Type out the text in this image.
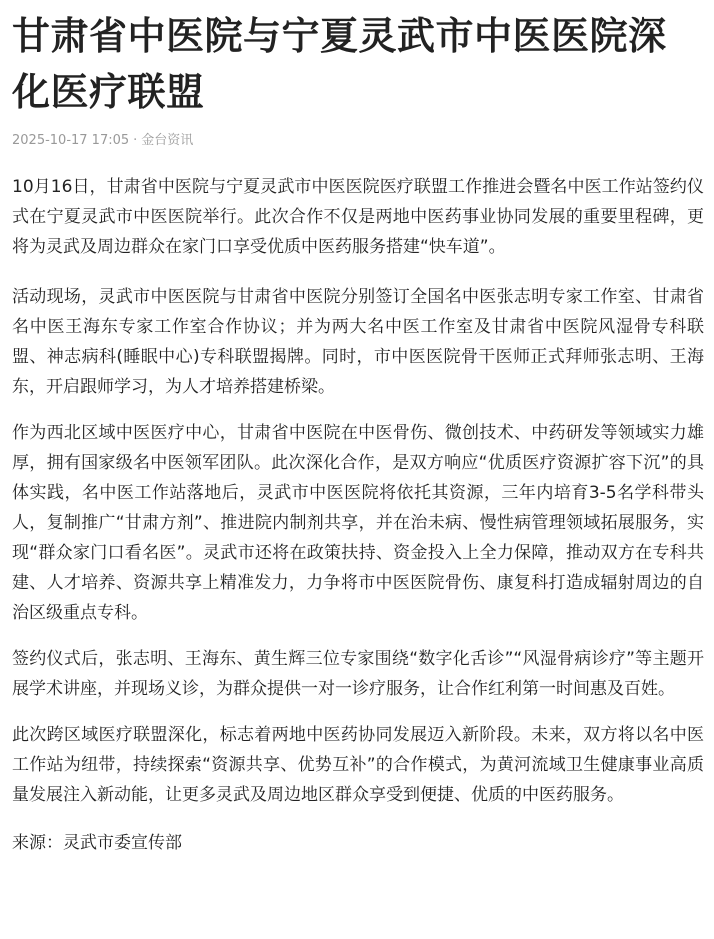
甘肃省中医院与宁夏灵武市中医医院深化医疗联盟
2025-10-17 17:05 · 金台资讯

10月16日，甘肃省中医院与宁夏灵武市中医医院医疗联盟工作推进会暨名中医工作站签约仪式在宁夏灵武市中医医院举行。此次合作不仅是两地中医药事业协同发展的重要里程碑，更将为灵武及周边群众在家门口享受优质中医药服务搭建“快车道”。

活动现场，灵武市中医医院与甘肃省中医院分别签订全国名中医张志明专家工作室、甘肃省名中医王海东专家工作室合作协议；并为两大名中医工作室及甘肃省中医院风湿骨专科联盟、神志病科(睡眠中心)专科联盟揭牌。同时，市中医医院骨干医师正式拜师张志明、王海东，开启跟师学习，为人才培养搭建桥梁。

作为西北区域中医医疗中心，甘肃省中医院在中医骨伤、微创技术、中药研发等领域实力雄厚，拥有国家级名中医领军团队。此次深化合作，是双方响应“优质医疗资源扩容下沉”的具体实践，名中医工作站落地后，灵武市中医医院将依托其资源，三年内培育3-5名学科带头人，复制推广“甘肃方剂”、推进院内制剂共享，并在治未病、慢性病管理领域拓展服务，实现“群众家门口看名医”。灵武市还将在政策扶持、资金投入上全力保障，推动双方在专科共建、人才培养、资源共享上精准发力，力争将市中医医院骨伤、康复科打造成辐射周边的自治区级重点专科。

签约仪式后，张志明、王海东、黄生辉三位专家围绕“数字化舌诊”“风湿骨病诊疗”等主题开展学术讲座，并现场义诊，为群众提供一对一诊疗服务，让合作红利第一时间惠及百姓。

此次跨区域医疗联盟深化，标志着两地中医药协同发展迈入新阶段。未来，双方将以名中医工作站为纽带，持续探索“资源共享、优势互补”的合作模式，为黄河流域卫生健康事业高质量发展注入新动能，让更多灵武及周边地区群众享受到便捷、优质的中医药服务。

来源：灵武市委宣传部
